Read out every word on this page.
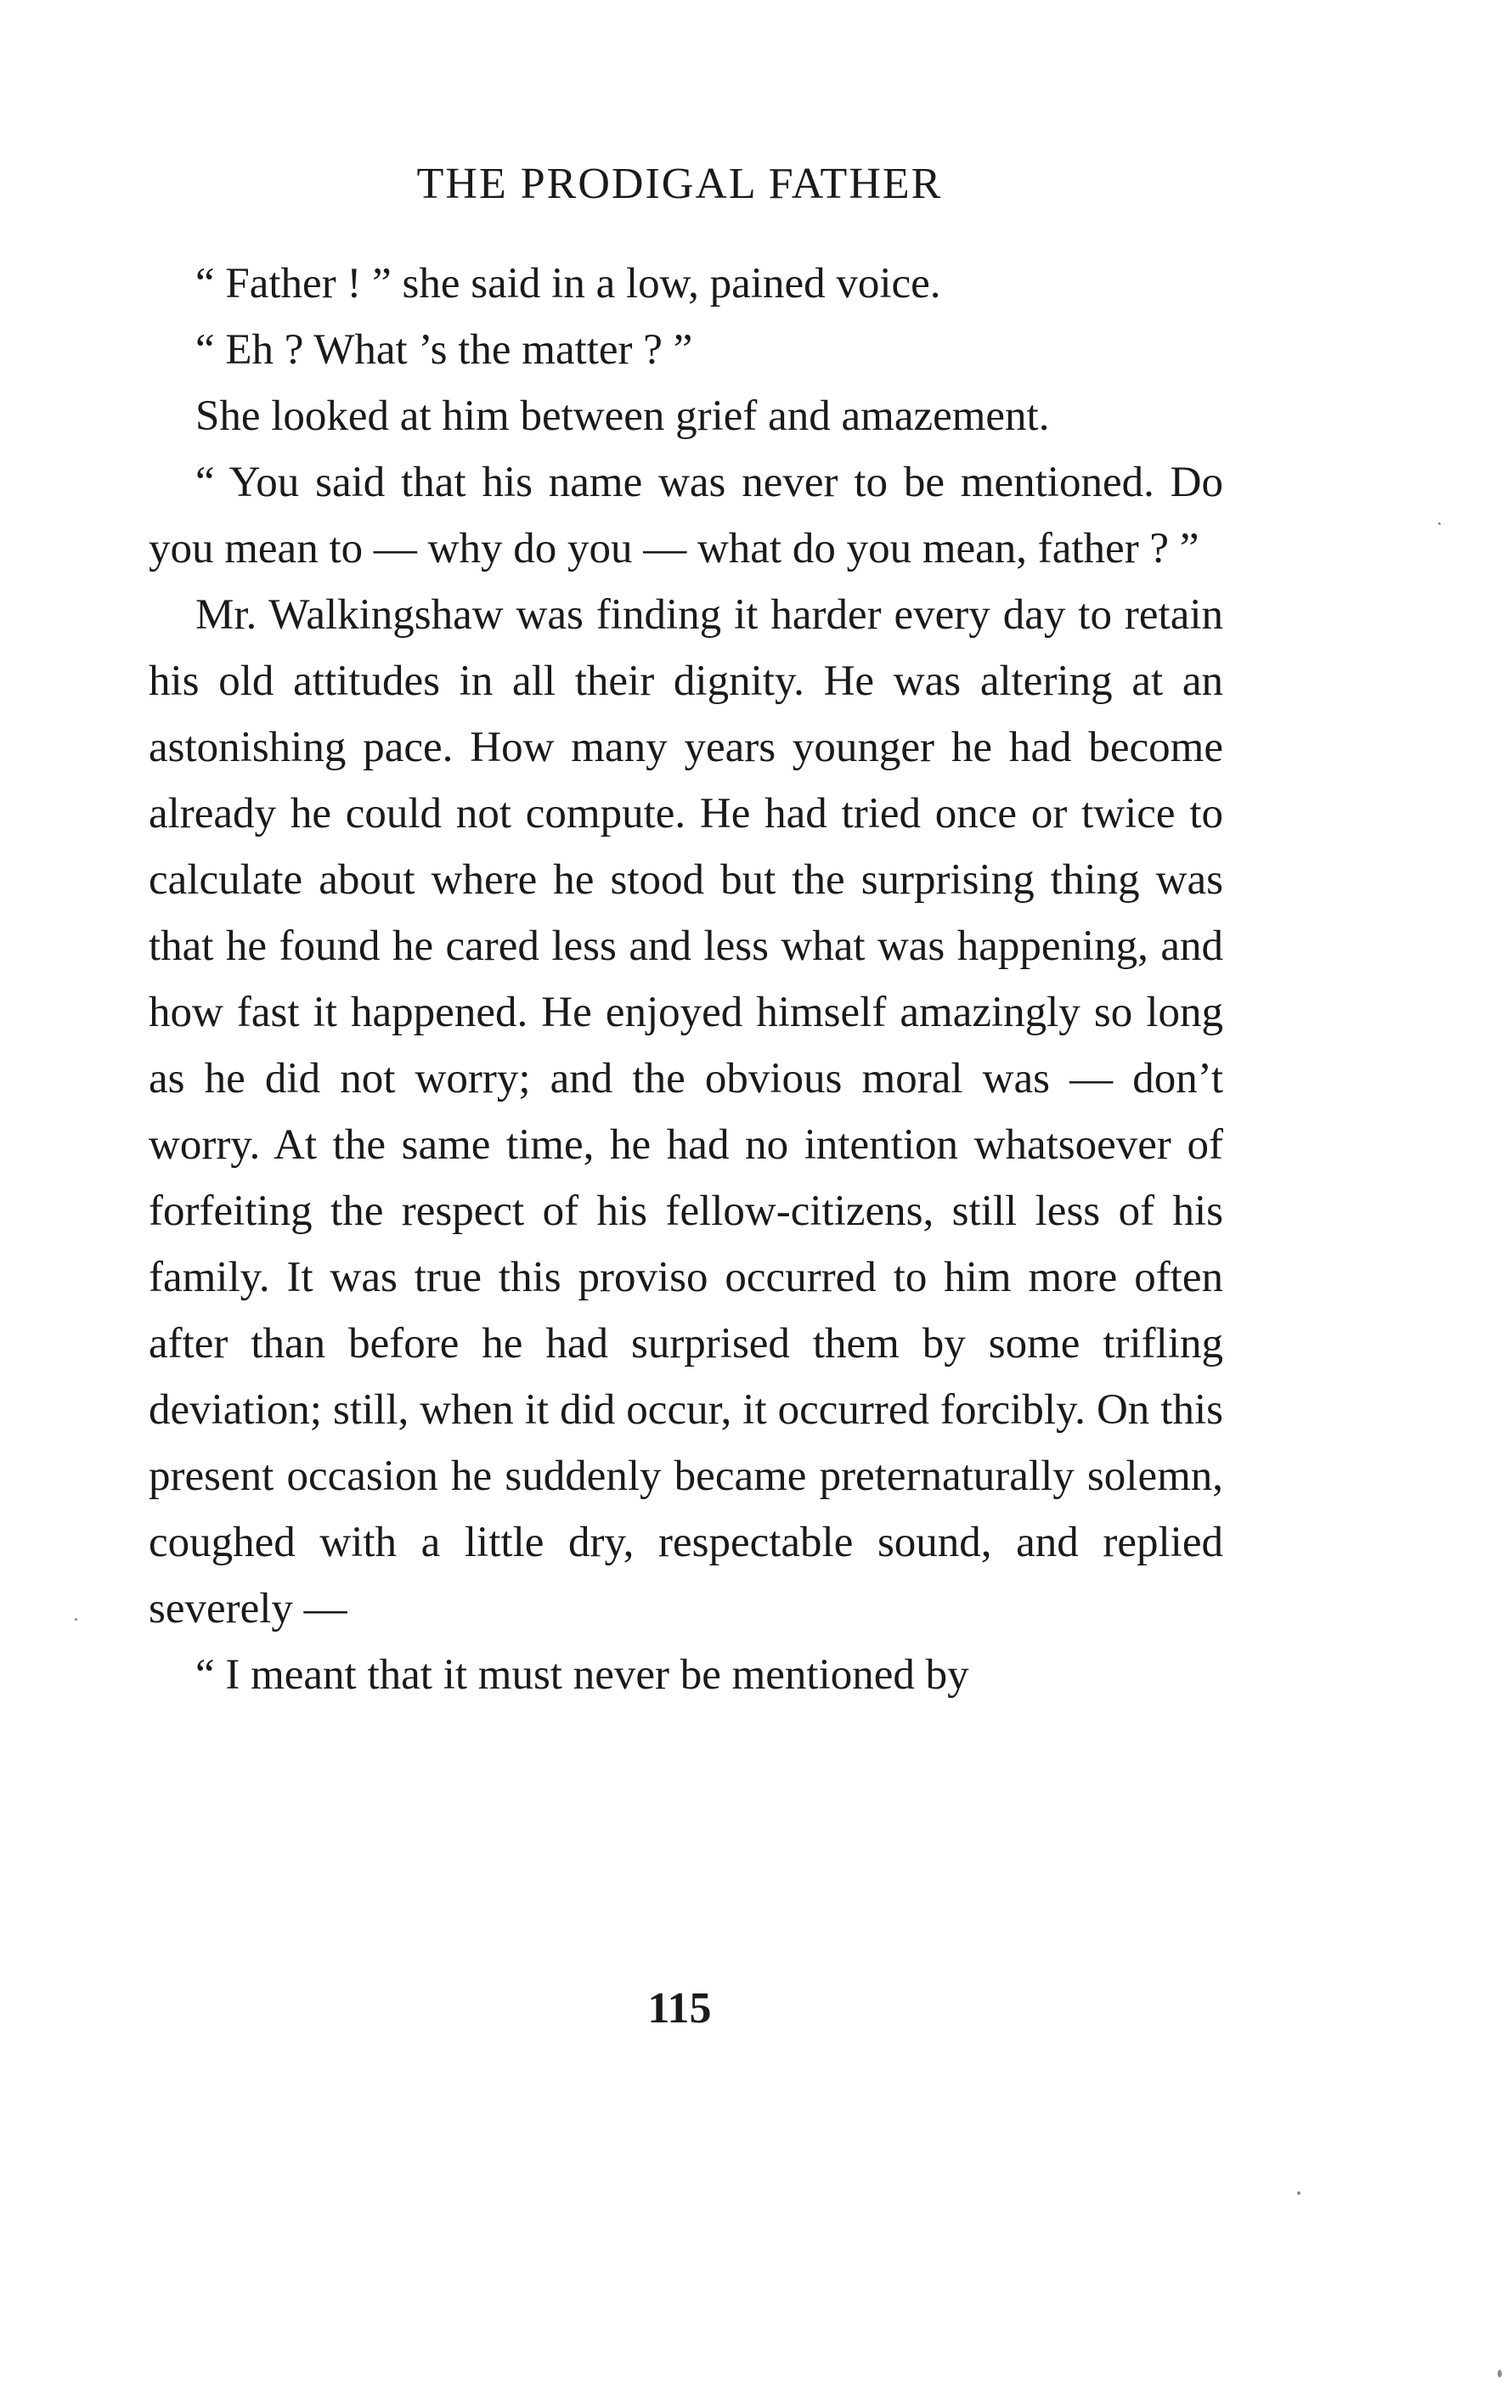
THE PRODIGAL FATHER

“ Father ! ” she said in a low, pained voice.

“ Eh ? What ’s the matter ? ”

She looked at him between grief and amazement.

“ You said that his name was never to be mentioned. Do you mean to — why do you — what do you mean, father ? ”

Mr. Walkingshaw was finding it harder every day to retain his old attitudes in all their dignity. He was altering at an astonishing pace. How many years younger he had become already he could not compute. He had tried once or twice to calculate about where he stood but the surprising thing was that he found he cared less and less what was happening, and how fast it happened. He enjoyed himself amazingly so long as he did not worry; and the obvious moral was — don’t worry. At the same time, he had no intention whatsoever of forfeiting the respect of his fellow-citizens, still less of his family. It was true this proviso occurred to him more often after than before he had surprised them by some trifling deviation; still, when it did occur, it occurred forcibly. On this present occasion he suddenly became preternaturally solemn, coughed with a little dry, respectable sound, and replied severely —

“ I meant that it must never be mentioned by

115
